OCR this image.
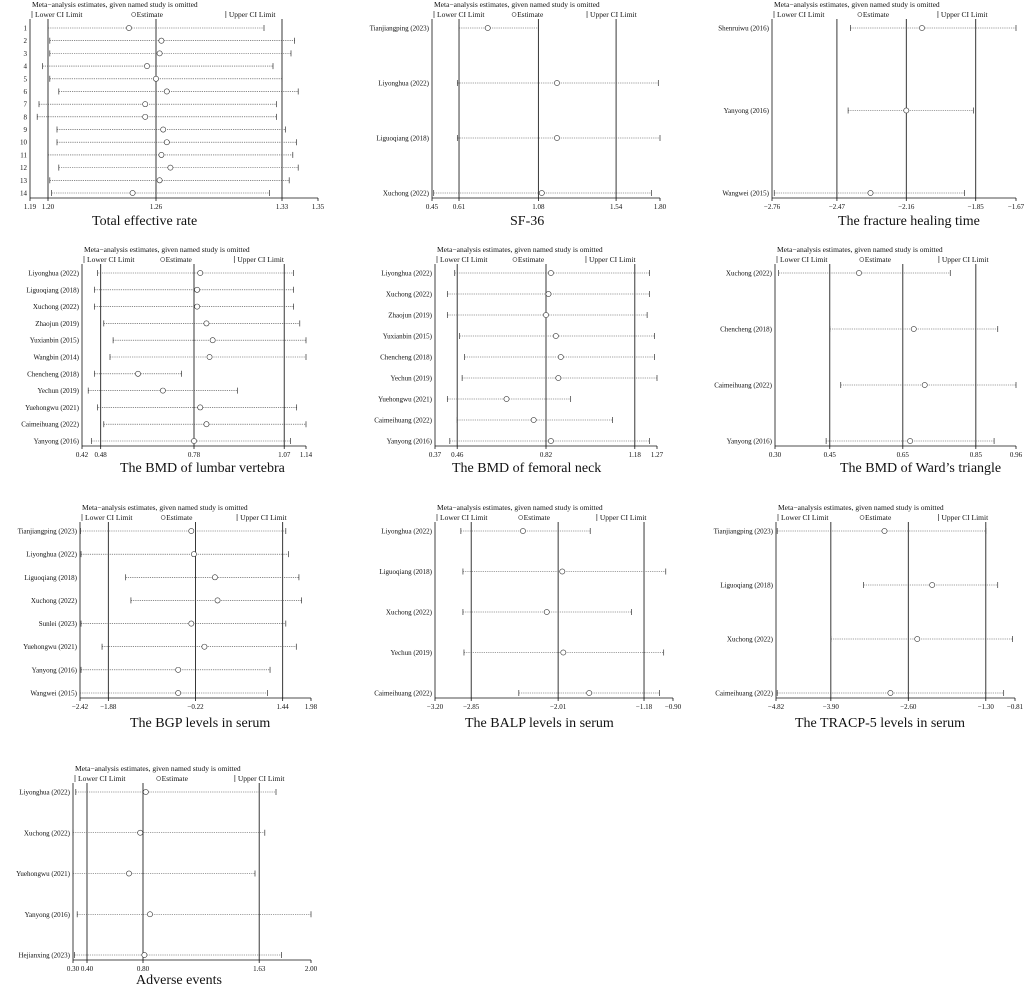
Meta−analysis estimates, given named study is omitted
Lower CI Limit	Estimate	Upper CI Limit
1.19 1.20	1.26	1.33	1.35
1
2
3
4
5
6
7
8
9
10
11
12
13
14
Total effective rate
Meta−analysis estimates, given named study is omitted
Lower CI Limit	Estimate	Upper CI Limit
0.45 0.61	1.08	1.54	1.80
Tianjiangping (2023)
Liyonghua (2022)
Liguoqiang (2018)
Xuchong (2022)
SF-36
Meta−analysis estimates, given named study is omitted
Lower CI Limit	Estimate	Upper CI Limit
−2.76	−2.47	−2.16	−1.85	−1.67
Shenruiwu (2016)
Yanyong (2016)
Wangwei (2015)
The fracture healing time
Meta−analysis estimates, given named study is omitted
Lower CI Limit	Estimate	Upper CI Limit
0.42 0.48	0.78	1.07 1.14
Liyonghua (2022)
Liguoqiang (2018)
Xuchong (2022)
Zhaojun (2019)
Yuxianbin (2015)
Wangbin (2014)
Chencheng (2018)
Yechun (2019)
Yuehongwu (2021)
Caimeihuang (2022)
Yanyong (2016)
The BMD of lumbar vertebra
Meta−analysis estimates, given named study is omitted
Lower CI Limit	Estimate	Upper CI Limit
0.37 0.46	0.82	1.18 1.27
Liyonghua (2022)
Xuchong (2022)
Zhaojun (2019)
Yuxianbin (2015)
Chencheng (2018)
Yechun (2019)
Yuehongwu (2021)
Caimeihuang (2022)
Yanyong (2016)
The BMD of femoral neck
Meta−analysis estimates, given named study is omitted
Lower CI Limit	Estimate	Upper CI Limit
0.30	0.45	0.65	0.85	0.96
Xuchong (2022)
Chencheng (2018)
Caimeihuang (2022)
Yanyong (2016)
The BMD of Ward’s triangle
Meta−analysis estimates, given named study is omitted
Lower CI Limit	Estimate	Upper CI Limit
−2.42 −1.88	−0.22	1.44 1.98
Tianjiangping (2023)
Liyonghua (2022)
Liguoqiang (2018)
Xuchong (2022)
Sunlei (2023)
Yuehongwu (2021)
Yanyong (2016)
Wangwei (2015)
The BGP levels in serum
Meta−analysis estimates, given named study is omitted
Lower CI Limit	Estimate	Upper CI Limit
−3.20	−2.85	−2.01	−1.18 −0.90
Liyonghua (2022)
Liguoqiang (2018)
Xuchong (2022)
Yechun (2019)
Caimeihuang (2022)
The BALP levels in serum
Meta−analysis estimates, given named study is omitted
Lower CI Limit	Estimate	Upper CI Limit
−4.82	−3.90	−2.60	−1.30 −0.81
Tianjiangping (2023)
Liguoqiang (2018)
Xuchong (2022)
Caimeihuang (2022)
The TRACP-5 levels in serum
Meta−analysis estimates, given named study is omitted
Lower CI Limit	Estimate	Upper CI Limit
0.30 0.40	0.80	1.63	2.00
Liyonghua (2022)
Xuchong (2022)
Yuehongwu (2021)
Yanyong (2016)
Hejianxing (2023)
Adverse events
